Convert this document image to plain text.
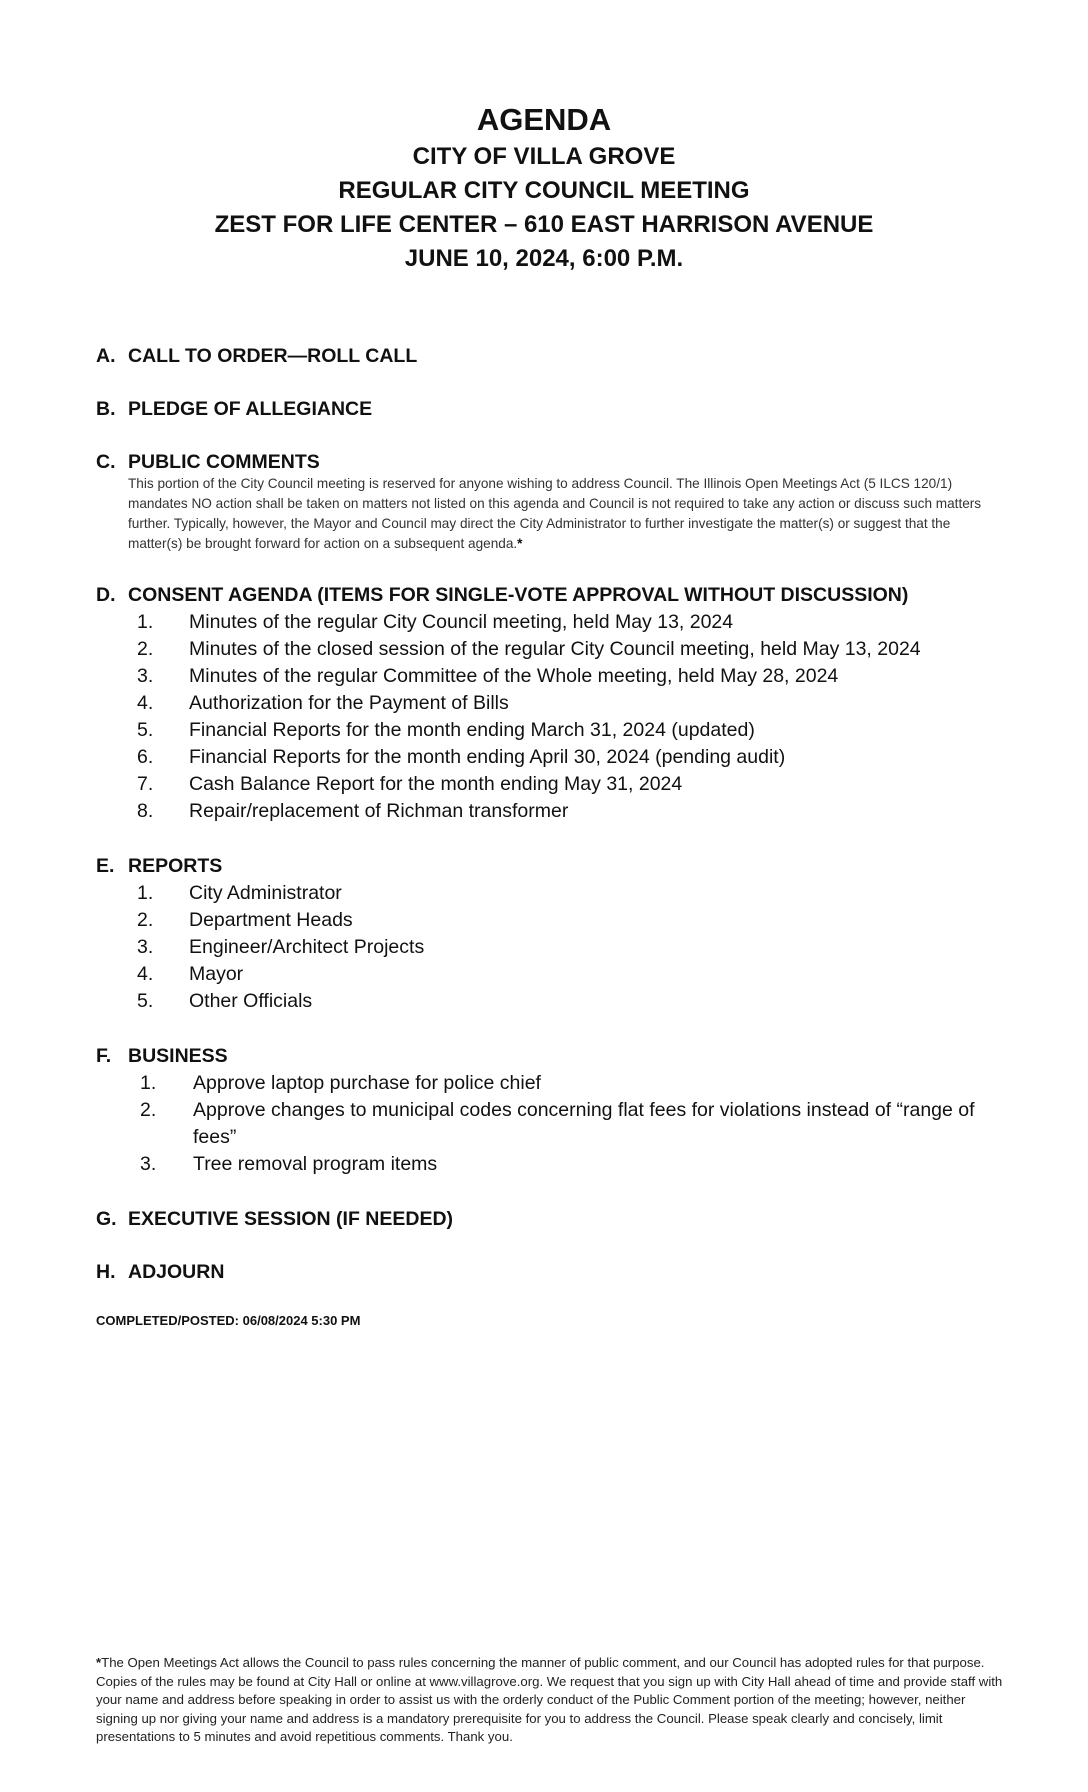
AGENDA
CITY OF VILLA GROVE
REGULAR CITY COUNCIL MEETING
ZEST FOR LIFE CENTER – 610 EAST HARRISON AVENUE
JUNE 10, 2024, 6:00 P.M.
A. CALL TO ORDER—ROLL CALL
B. PLEDGE OF ALLEGIANCE
C. PUBLIC COMMENTS
This portion of the City Council meeting is reserved for anyone wishing to address Council. The Illinois Open Meetings Act (5 ILCS 120/1) mandates NO action shall be taken on matters not listed on this agenda and Council is not required to take any action or discuss such matters further. Typically, however, the Mayor and Council may direct the City Administrator to further investigate the matter(s) or suggest that the matter(s) be brought forward for action on a subsequent agenda.*
D. CONSENT AGENDA (ITEMS FOR SINGLE-VOTE APPROVAL WITHOUT DISCUSSION)
1.	Minutes of the regular City Council meeting, held May 13, 2024
2.	Minutes of the closed session of the regular City Council meeting, held May 13, 2024
3.	Minutes of the regular Committee of the Whole meeting, held May 28, 2024
4.	Authorization for the Payment of Bills
5.	Financial Reports for the month ending March 31, 2024 (updated)
6.	Financial Reports for the month ending April 30, 2024 (pending audit)
7.	Cash Balance Report for the month ending May 31, 2024
8.	Repair/replacement of Richman transformer
E. REPORTS
1.	City Administrator
2.	Department Heads
3.	Engineer/Architect Projects
4.	Mayor
5.	Other Officials
F. BUSINESS
1.	Approve laptop purchase for police chief
2.	Approve changes to municipal codes concerning flat fees for violations instead of “range of fees”
3.	Tree removal program items
G. EXECUTIVE SESSION (IF NEEDED)
H. ADJOURN
COMPLETED/POSTED: 06/08/2024 5:30 PM
*The Open Meetings Act allows the Council to pass rules concerning the manner of public comment, and our Council has adopted rules for that purpose. Copies of the rules may be found at City Hall or online at www.villagrove.org. We request that you sign up with City Hall ahead of time and provide staff with your name and address before speaking in order to assist us with the orderly conduct of the Public Comment portion of the meeting; however, neither signing up nor giving your name and address is a mandatory prerequisite for you to address the Council. Please speak clearly and concisely, limit presentations to 5 minutes and avoid repetitious comments. Thank you.
